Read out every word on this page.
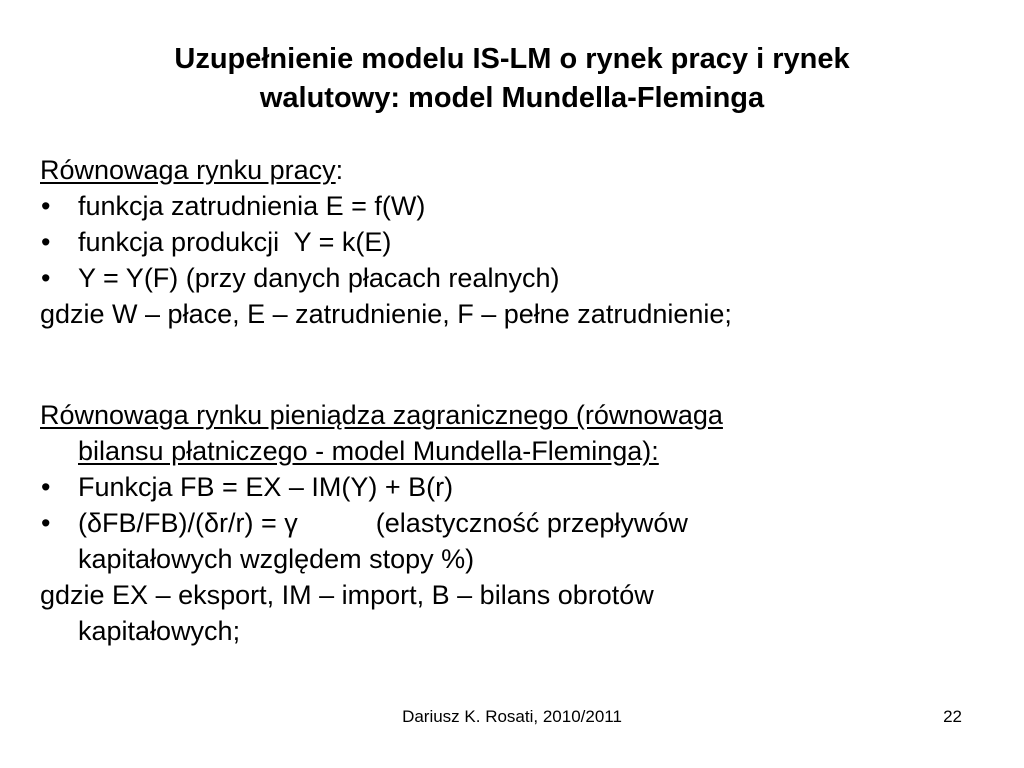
Uzupełnienie modelu IS-LM o rynek pracy i rynek
walutowy: model Mundella-Fleminga
Równowaga rynku pracy:
• funkcja zatrudnienia E = f(W)
• funkcja produkcji  Y = k(E)
• Y = Y(F) (przy danych płacach realnych)
gdzie W – płace, E – zatrudnienie, F – pełne zatrudnienie;
Równowaga rynku pieniądza zagranicznego (równowaga
bilansu płatniczego - model Mundella-Fleminga):
• Funkcja FB = EX – IM(Y) + B(r)
• (δFB/FB)/(δr/r) = γ	(elastyczność przepływów
kapitałowych względem stopy %)
gdzie EX – eksport, IM – import, B – bilans obrotów
kapitałowych;
Dariusz K. Rosati, 2010/2011	22
